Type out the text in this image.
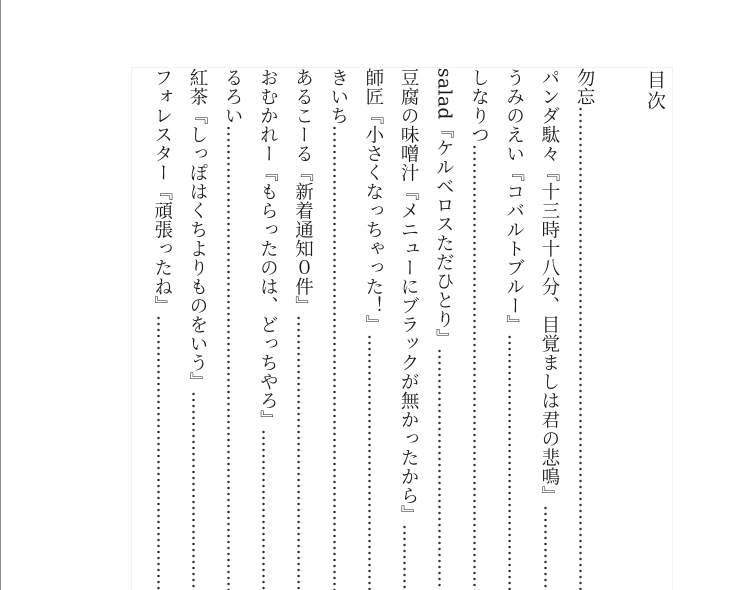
目次
勿忘
パンダ駄々『十三時十八分、目覚ましは君の悲鳴』
うみのえい『コバルトブルー』
しなりつ
salad『ケルベロスただひとり』
豆腐の味噌汁『メニューにブラックが無かったから』
師匠『小さくなっちゃった！』
きいち
あるこーる『新着通知０件』
おむかれー『もらったのは、どっちやろ』
るろい
紅茶『しっぽはくちよりものをいう』
フォレスター『頑張ったね』
